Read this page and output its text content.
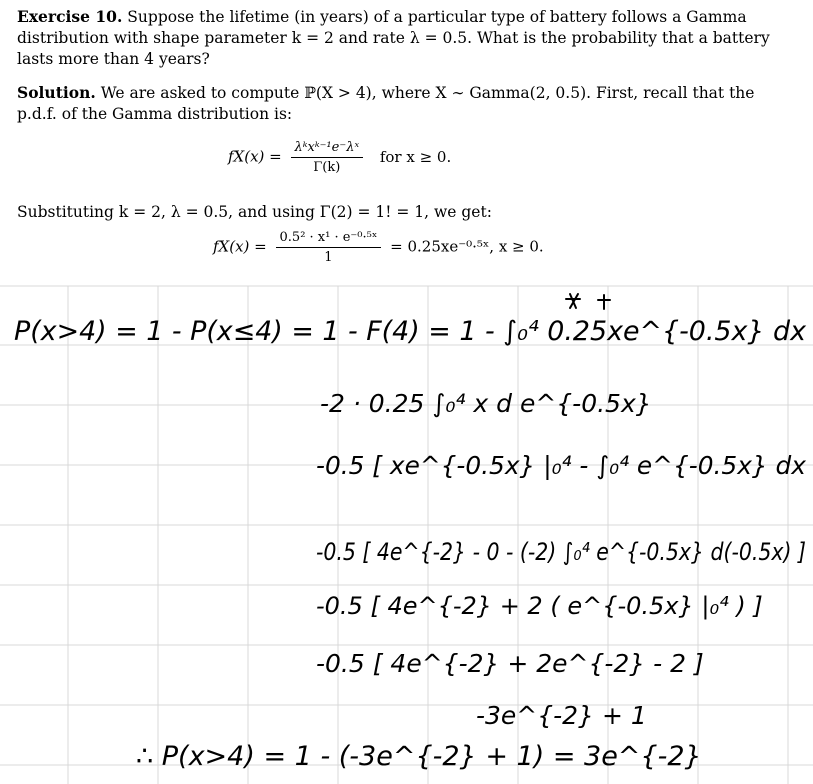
Exercise 10. Suppose the lifetime (in years) of a particular type of battery follows a Gamma distribution with shape parameter k = 2 and rate λ = 0.5. What is the probability that a battery lasts more than 4 years?

Solution. We are asked to compute ℙ(X > 4), where X ∼ Gamma(2, 0.5). First, recall that the p.d.f. of the Gamma distribution is:

$fX(x) = \frac{\text{λᵏxᵏ⁻¹e⁻λˣ}}{\Gamma(k)}$ for x ≥ 0.
Substituting k = 2, λ = 0.5, and using Γ(2) = 1! = 1, we get:
$fX(x) = \frac{\text{0.5² · x¹ · e⁻⁰·⁵ˣ}}{1}$ = 0.25xe⁻⁰·⁵ˣ, x ≥ 0.
P(x>4) = 1 - P(x≤4) = 1 - F(4) = 1 - ∫₀⁴ 0.25xe^{-0.5x} dx
-2 · 0.25 ∫₀⁴ x d e^{-0.5x}
-0.5 [ xe^{-0.5x} |₀⁴ - ∫₀⁴ e^{-0.5x} dx
-0.5 [ 4e^{-2} - 0 - (-2) ∫₀⁴ e^{-0.5x} d(-0.5x) ]
-0.5 [ 4e^{-2} + 2 ( e^{-0.5x} |₀⁴ ) ]
-0.5 [ 4e^{-2} + 2e^{-2} - 2 ]
-3e^{-2} + 1
∴ P(x>4) = 1 - (-3e^{-2} + 1) = 3e^{-2}
